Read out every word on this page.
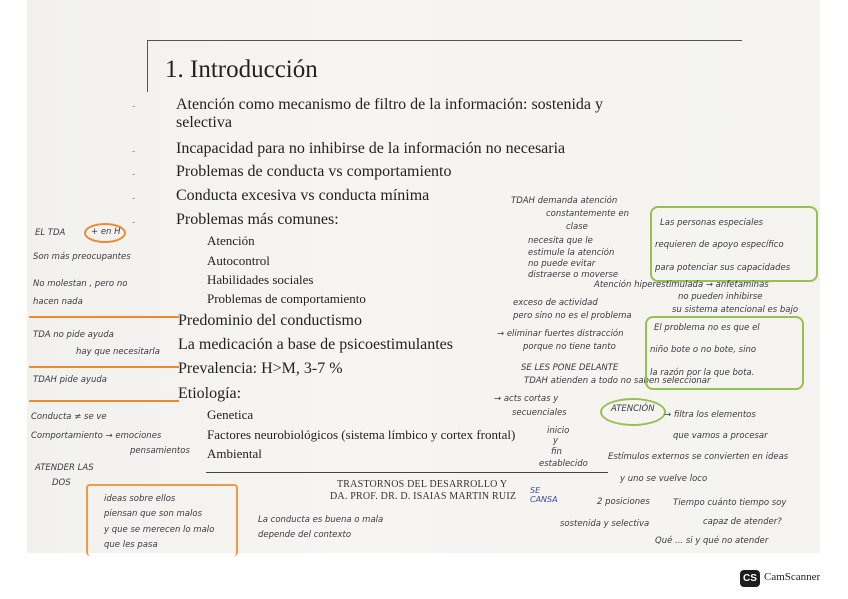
1. Introducción
-	Atención como mecanismo de filtro de la información: sostenida y
selectiva
-	Incapacidad para no inhibirse de la información no necesaria
-	Problemas de conducta vs comportamiento
-	Conducta excesiva vs conducta mínima
-	Problemas más comunes:
Atención
Autocontrol
Habilidades sociales
Problemas de comportamiento
Predominio del conductismo
La medicación a base de psicoestimulantes
Prevalencia: H>M, 3-7 %
Etiología:
Genetica
Factores neurobiológicos (sistema límbico y cortex frontal)
Ambiental
TRASTORNOS DEL DESARROLLO Y
DA. PROF. DR. D. ISAIAS MARTIN RUIZ
EL TDA	+ en H
Son más preocupantes
No molestan , pero no
hacen nada
TDA no pide ayuda
hay que necesitarla
TDAH pide ayuda
Conducta ≠ se ve
Comportamiento → emociones
pensamientos
ATENDER LAS
DOS
ideas sobre ellos
piensan que son malos
y que se merecen lo malo
que les pasa
TDAH demanda atención
constantemente en
clase
necesita que le
estimule la atención
no puede evitar
distraerse o moverse
Las personas especiales
requieren de apoyo específico
para potenciar sus capacidades
Atención hiperestimulada → anfetaminas
no pueden inhibirse
su sistema atencional es bajo
exceso de actividad
pero sino no es el problema
→ eliminar fuertes distracción
porque no tiene tanto
SE LES PONE DELANTE
TDAH atienden a todo no saben seleccionar
El problema no es que el
niño bote o no bote, sino
la razón por la que bota.
→ acts cortas y
secuenciales
inicio
y
fin
establecido
ATENCIÓN
→ filtra los elementos
que vamos a procesar
Estímulos externos se convierten en ideas
y uno se vuelve loco
SE CANSA	2 posiciones	Tiempo cuánto tiempo soy
capaz de atender?
sostenida y selectiva
Qué ... si y qué no atender
La conducta es buena o mala
depende del contexto
CS CamScanner
